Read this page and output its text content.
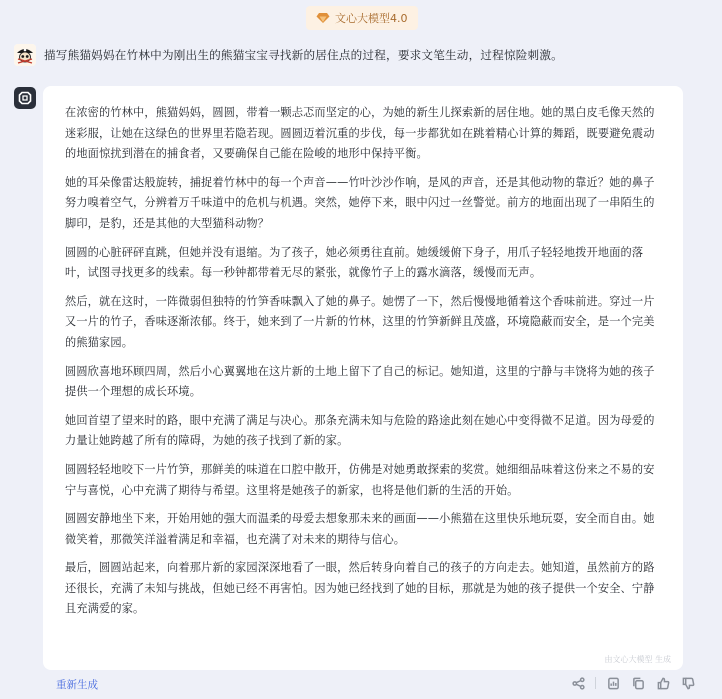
文心大模型4.0
描写熊猫妈妈在竹林中为刚出生的熊猫宝宝寻找新的居住点的过程，要求文笔生动，过程惊险刺激。

在浓密的竹林中，熊猫妈妈，圆圆，带着一颗忐忑而坚定的心，为她的新生儿探索新的居住地。她的黑白皮毛像天然的迷彩服，让她在这绿色的世界里若隐若现。圆圆迈着沉重的步伐，每一步都犹如在跳着精心计算的舞蹈，既要避免震动的地面惊扰到潜在的捕食者，又要确保自己能在险峻的地形中保持平衡。

她的耳朵像雷达般旋转，捕捉着竹林中的每一个声音——竹叶沙沙作响，是风的声音，还是其他动物的靠近？她的鼻子努力嗅着空气，分辨着万千味道中的危机与机遇。突然，她停下来，眼中闪过一丝警觉。前方的地面出现了一串陌生的脚印，是豹，还是其他的大型猫科动物？

圆圆的心脏砰砰直跳，但她并没有退缩。为了孩子，她必须勇往直前。她缓缓俯下身子，用爪子轻轻地拨开地面的落叶，试图寻找更多的线索。每一秒钟都带着无尽的紧张，就像竹子上的露水滴落，缓慢而无声。

然后，就在这时，一阵微弱但独特的竹笋香味飘入了她的鼻子。她愣了一下，然后慢慢地循着这个香味前进。穿过一片又一片的竹子，香味逐渐浓郁。终于，她来到了一片新的竹林，这里的竹笋新鲜且茂盛，环境隐蔽而安全，是一个完美的熊猫家园。

圆圆欣喜地环顾四周，然后小心翼翼地在这片新的土地上留下了自己的标记。她知道，这里的宁静与丰饶将为她的孩子提供一个理想的成长环境。

她回首望了望来时的路，眼中充满了满足与决心。那条充满未知与危险的路途此刻在她心中变得微不足道。因为母爱的力量让她跨越了所有的障碍，为她的孩子找到了新的家。

圆圆轻轻地咬下一片竹笋，那鲜美的味道在口腔中散开，仿佛是对她勇敢探索的奖赏。她细细品味着这份来之不易的安宁与喜悦，心中充满了期待与希望。这里将是她孩子的新家，也将是他们新的生活的开始。

圆圆安静地坐下来，开始用她的强大而温柔的母爱去想象那未来的画面——小熊猫在这里快乐地玩耍，安全而自由。她微笑着，那微笑洋溢着满足和幸福，也充满了对未来的期待与信心。

最后，圆圆站起来，向着那片新的家园深深地看了一眼，然后转身向着自己的孩子的方向走去。她知道，虽然前方的路还很长，充满了未知与挑战，但她已经不再害怕。因为她已经找到了她的目标，那就是为她的孩子提供一个安全、宁静且充满爱的家。

由文心大模型 生成
重新生成
